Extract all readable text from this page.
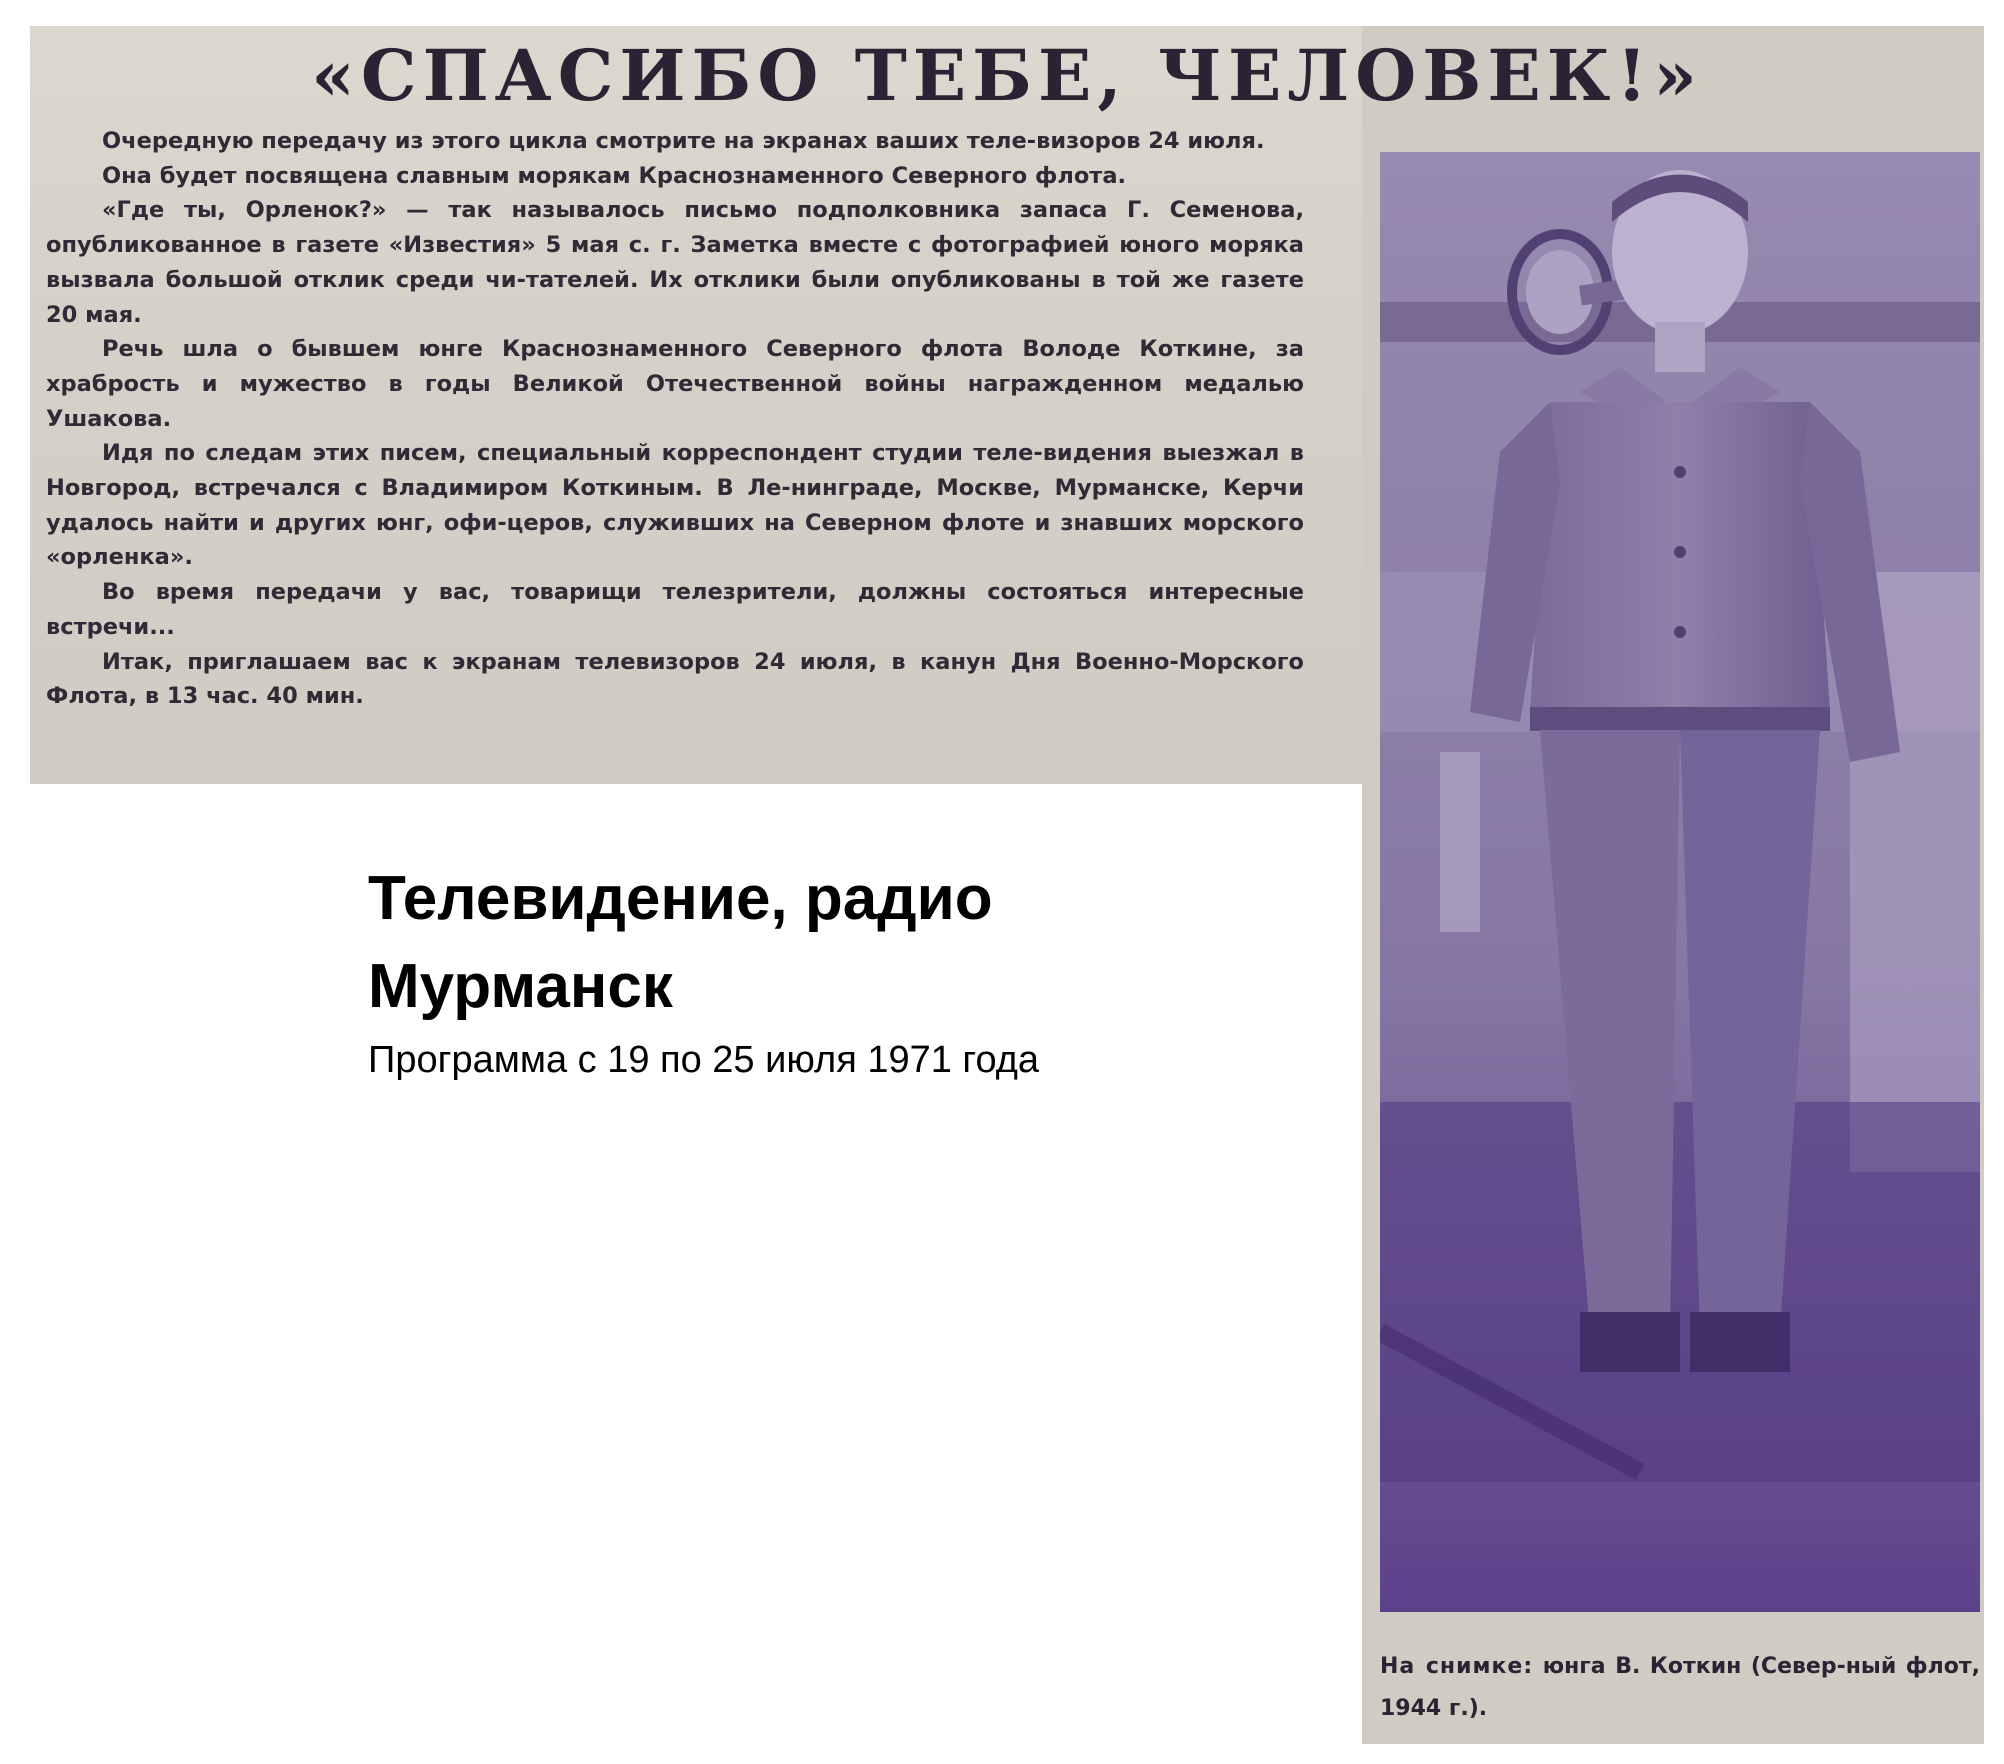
«СПАСИБО ТЕБЕ, ЧЕЛОВЕК!»

Очередную передачу из этого цикла смотрите на экранах ваших теле-визоров 24 июля.

Она будет посвящена славным морякам Краснознаменного Северного флота.

«Где ты, Орленок?» — так называлось письмо подполковника запаса Г. Семенова, опубликованное в газете «Известия» 5 мая с. г. Заметка вместе с фотографией юного моряка вызвала большой отклик среди чи-тателей. Их отклики были опубликованы в той же газете 20 мая.

Речь шла о бывшем юнге Краснознаменного Северного флота Володе Коткине, за храбрость и мужество в годы Великой Отечественной войны награжденном медалью Ушакова.

Идя по следам этих писем, специальный корреспондент студии теле-видения выезжал в Новгород, встречался с Владимиром Коткиным. В Ле-нинграде, Москве, Мурманске, Керчи удалось найти и других юнг, офи-церов, служивших на Северном флоте и знавших морского «орленка».

Во время передачи у вас, товарищи телезрители, должны состояться интересные встречи...

Итак, приглашаем вас к экранам телевизоров 24 июля, в канун Дня Военно-Морского Флота, в 13 час. 40 мин.

На снимке: юнга В. Коткин (Север-ный флот, 1944 г.).
Телевидение, радио
Мурманск
Программа с 19 по 25 июля 1971 года
